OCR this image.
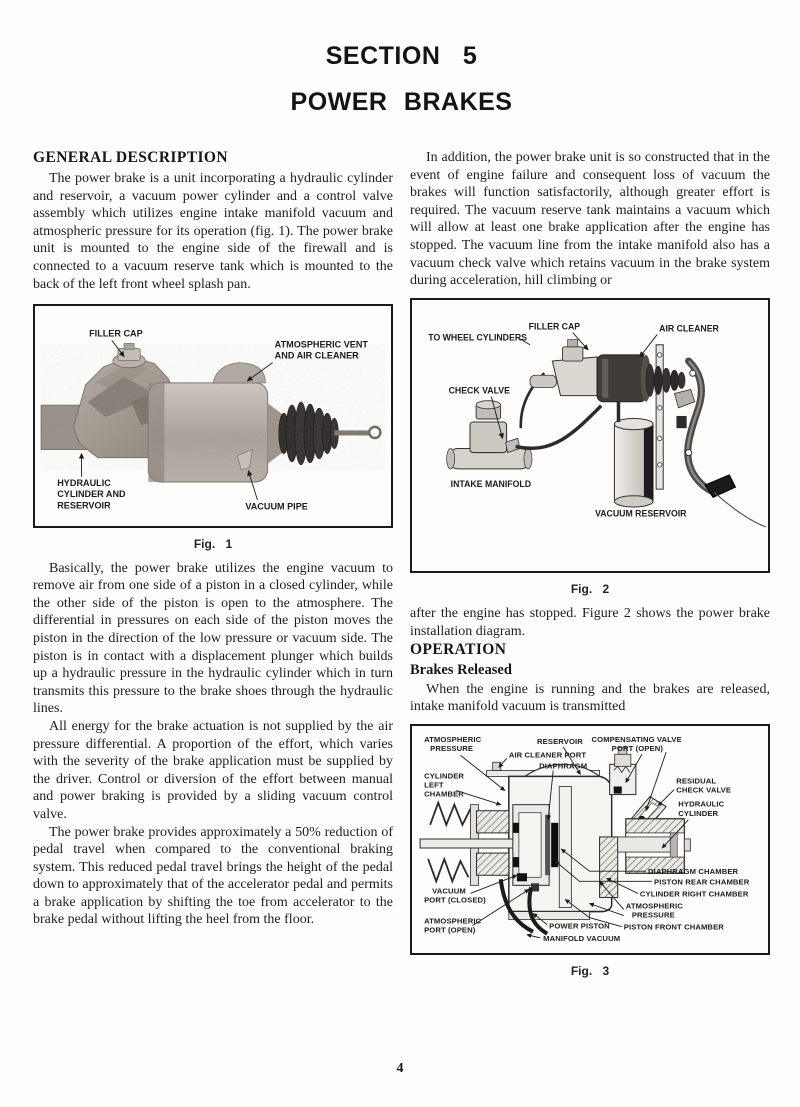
SECTION 5
POWER BRAKES
GENERAL DESCRIPTION

The power brake is a unit incorporating a hydraulic cylinder and reservoir, a vacuum power cylinder and a control valve assembly which utilizes engine intake manifold vacuum and atmospheric pressure for its operation (fig. 1). The power brake unit is mounted to the engine side of the firewall and is connected to a vacuum reserve tank which is mounted to the back of the left front wheel splash pan.

FILLER CAP
ATMOSPHERIC VENT
AND AIR CLEANER
HYDRAULIC
CYLINDER AND
RESERVOIR	VACUUM PIPE
Fig. 1

Basically, the power brake utilizes the engine vacuum to remove air from one side of a piston in a closed cylinder, while the other side of the piston is open to the atmosphere. The differential in pressures on each side of the piston moves the piston in the direction of the low pressure or vacuum side. The piston is in contact with a displacement plunger which builds up a hydraulic pressure in the hydraulic cylinder which in turn transmits this pressure to the brake shoes through the hydraulic lines.

All energy for the brake actuation is not supplied by the air pressure differential. A proportion of the effort, which varies with the severity of the brake application must be supplied by the driver. Control or diversion of the effort between manual and power braking is provided by a sliding vacuum control valve.

The power brake provides approximately a 50% reduction of pedal travel when compared to the conventional braking system. This reduced pedal travel brings the height of the pedal down to approximately that of the accelerator pedal and permits a brake application by shifting the toe from accelerator to the brake pedal without lifting the heel from the floor.

In addition, the power brake unit is so constructed that in the event of engine failure and consequent loss of vacuum the brakes will function satisfactorily, although greater effort is required. The vacuum reserve tank maintains a vacuum which will allow at least one brake application after the engine has stopped. The vacuum line from the intake manifold also has a vacuum check valve which retains vacuum in the brake system during acceleration, hill climbing or

FILLER CAP	AIR CLEANER
TO WHEEL CYLINDERS
CHECK VALVE
INTAKE MANIFOLD
VACUUM RESERVOIR
Fig. 2

after the engine has stopped. Figure 2 shows the power brake installation diagram.

OPERATION
Brakes Released

When the engine is running and the brakes are released, intake manifold vacuum is transmitted

ATMOSPHERIC
PRESSURE
CYLINDER
LEFT
CHAMBER
RESERVOIR
AIR CLEANER PORT
DIAPHRAGM
COMPENSATING VALVE
PORT (OPEN)
RESIDUAL
CHECK VALVE
HYDRAULIC
CYLINDER
VACUUM
PORT (CLOSED)
ATMOSPHERIC
PORT (OPEN)	POWER PISTON
MANIFOLD VACUUM
DIAPHRAGM CHAMBER
PISTON REAR CHAMBER
CYLINDER RIGHT CHAMBER
ATMOSPHERIC
PRESSURE
PISTON FRONT CHAMBER
Fig. 3
4
